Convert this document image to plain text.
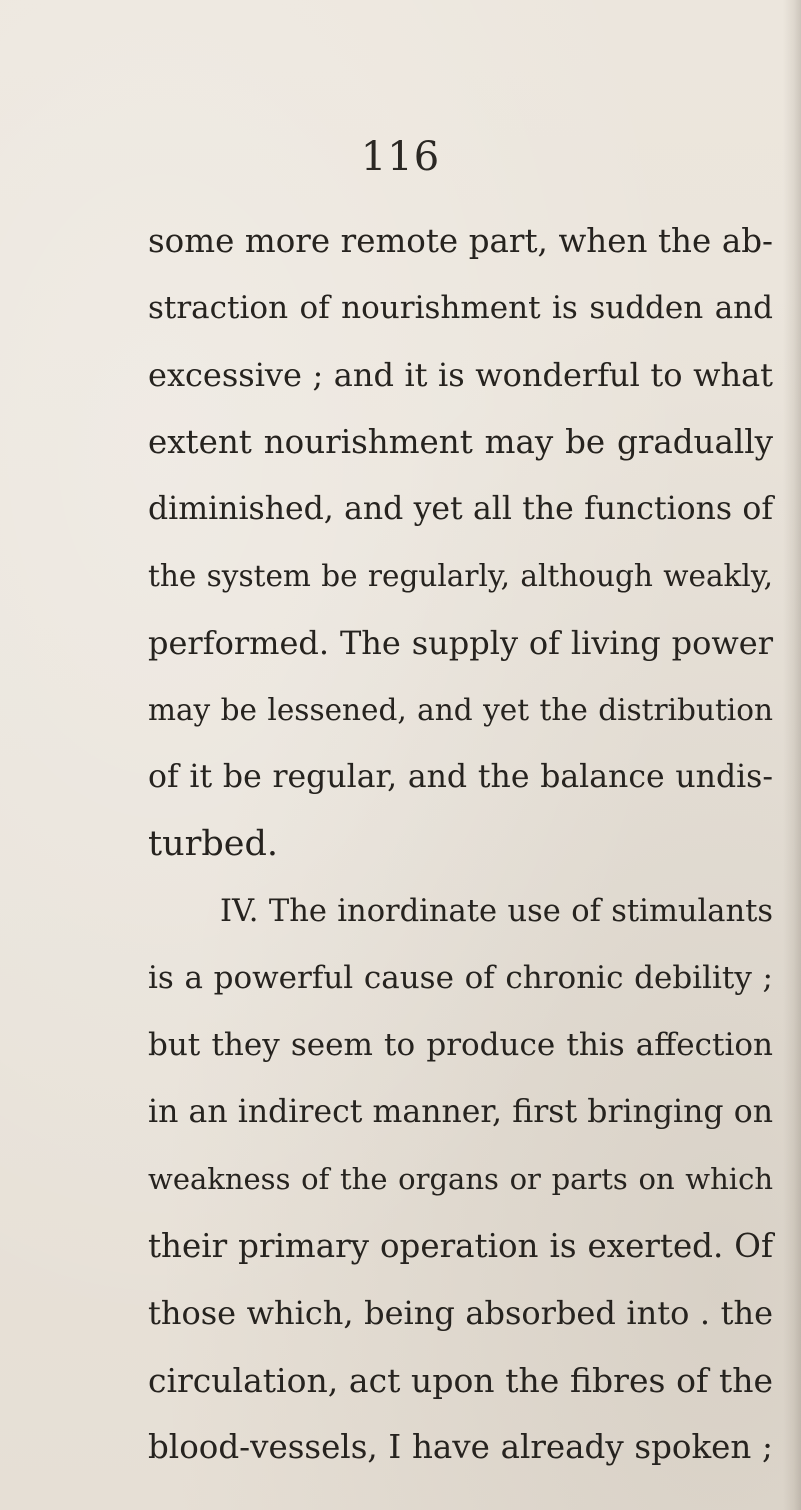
116
some more remote part, when the ab-
straction of nourishment is sudden and
excessive ; and it is wonderful to what
extent nourishment may be gradually
diminished, and yet all the functions of
the system be regularly, although weakly,
performed. The supply of living power
may be lessened, and yet the distribution
of it be regular, and the balance undis-
turbed.
IV. The inordinate use of stimulants
is a powerful cause of chronic debility ;
but they seem to produce this affection
in an indirect manner, first bringing on
weakness of the organs or parts on which
their primary operation is exerted. Of
those which, being absorbed into . the
circulation, act upon the fibres of the
blood-vessels, I have already spoken ;
